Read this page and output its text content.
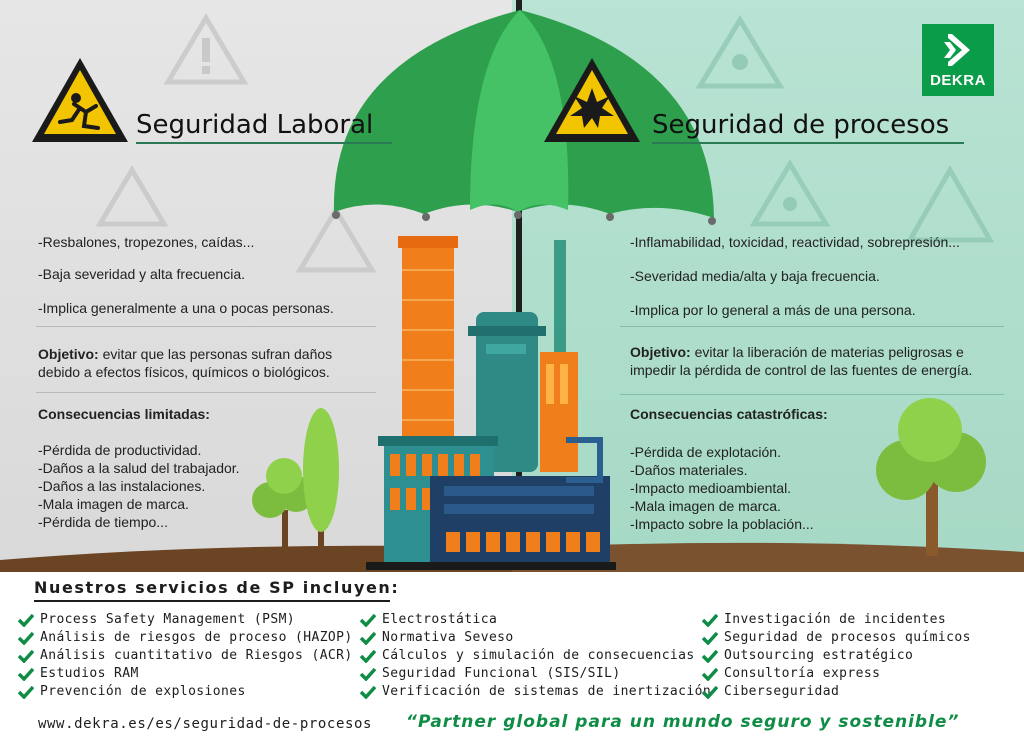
DEKRA
Seguridad Laboral	Seguridad de procesos
-Resbalones, tropezones, caídas...
-Baja severidad y alta frecuencia.
-Implica generalmente a una o pocas personas.
Objetivo: evitar que las personas sufran daños
debido a efectos físicos, químicos o biológicos.
Consecuencias limitadas:
-Pérdida de productividad.
-Daños a la salud del trabajador.
-Daños a las instalaciones.
-Mala imagen de marca.
-Pérdida de tiempo...
-Inflamabilidad, toxicidad, reactividad, sobrepresión...
-Severidad media/alta y baja frecuencia.
-Implica por lo general a más de una persona.
Objetivo: evitar la liberación de materias peligrosas e
impedir la pérdida de control de las fuentes de energía.
Consecuencias catastróficas:
-Pérdida de explotación.
-Daños materiales.
-Impacto medioambiental.
-Mala imagen de marca.
-Impacto sobre la población...
Nuestros servicios de SP incluyen:
Process Safety Management (PSM)
Análisis de riesgos de proceso (HAZOP)
Análisis cuantitativo de Riesgos (ACR)
Estudios RAM
Prevención de explosiones
Electrostática
Normativa Seveso
Cálculos y simulación de consecuencias
Seguridad Funcional (SIS/SIL)
Verificación de sistemas de inertización
Investigación de incidentes
Seguridad de procesos químicos
Outsourcing estratégico
Consultoría express
Ciberseguridad
www.dekra.es/es/seguridad-de-procesos “Partner global para un mundo seguro y sostenible”
